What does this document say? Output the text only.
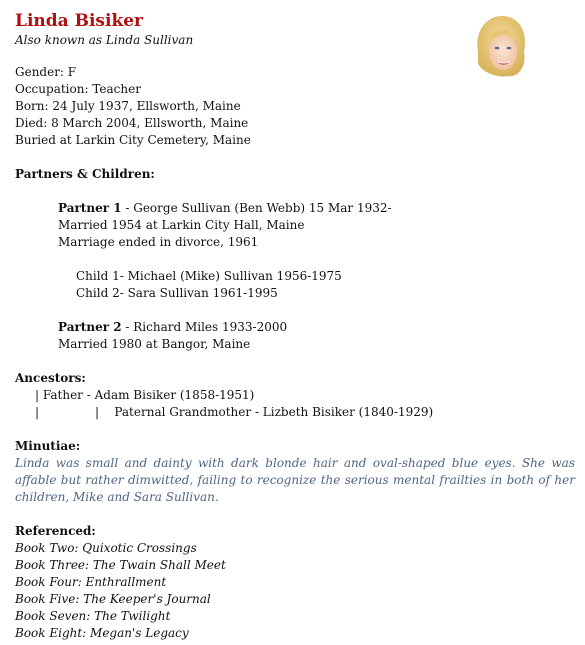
Linda Bisiker

Also known as Linda Sullivan

Gender: F

Occupation: Teacher

Born: 24 July 1937, Ellsworth, Maine

Died: 8 March 2004, Ellsworth, Maine

Buried at Larkin City Cemetery, Maine

Partners & Children:

Partner 1 - George Sullivan (Ben Webb) 15 Mar 1932-

Married 1954 at Larkin City Hall, Maine

Marriage ended in divorce, 1961

Child 1- Michael (Mike) Sullivan 1956-1975

Child 2- Sara Sullivan 1961-1995

Partner 2 - Richard Miles 1933-2000

Married 1980 at Bangor, Maine

Ancestors:

| Father - Adam Bisiker (1858-1951)

|	|
Paternal Grandmother - Lizbeth Bisiker (1840-1929)

Minutiae:

Linda was small and dainty with dark blonde hair and oval-shaped blue eyes. She was affable but rather dimwitted, failing to recognize the serious mental frailties in both of her children, Mike and Sara Sullivan.

Referenced:

Book Two: Quixotic Crossings

Book Three: The Twain Shall Meet

Book Four: Enthrallment

Book Five: The Keeper's Journal

Book Seven: The Twilight

Book Eight: Megan's Legacy
